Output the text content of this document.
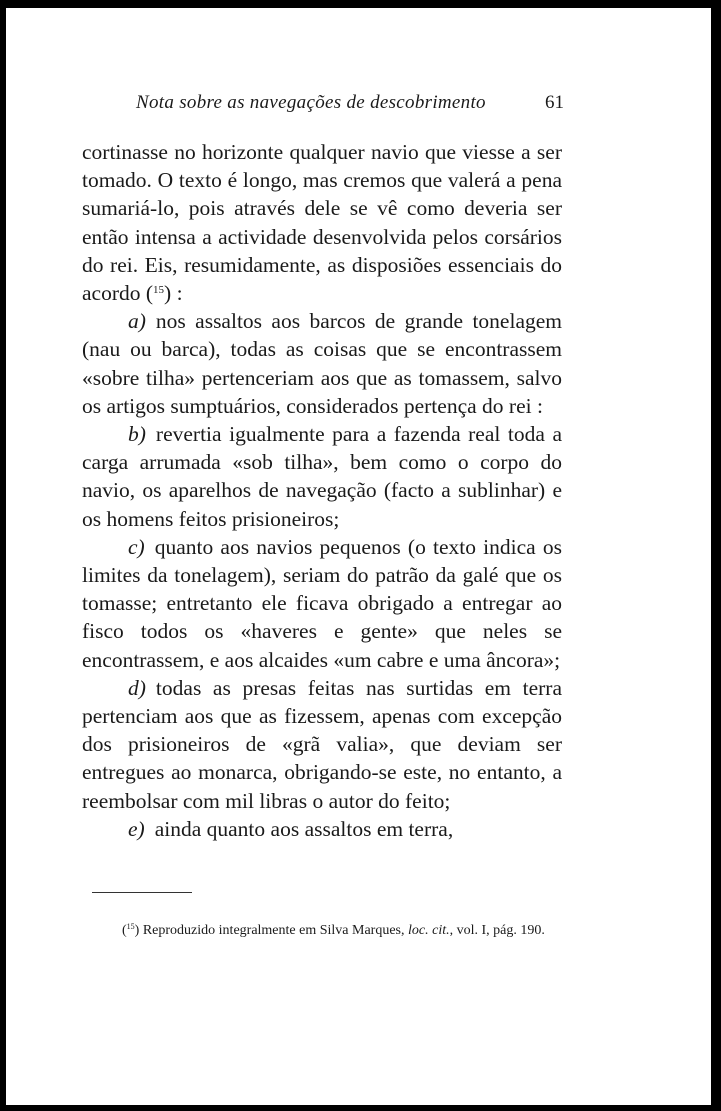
Nota sobre as navegações de descobrimento	61

cortinasse no horizonte qualquer navio que viesse a ser tomado. O texto é longo, mas cremos que valerá a pena sumariá-lo, pois através dele se vê como deveria ser então intensa a actividade desenvolvida pelos corsários do rei. Eis, resumidamente, as disposiões essenciais do acordo ($^{15}$) :

a) nos assaltos aos barcos de grande tonelagem (nau ou barca), todas as coisas que se encontrassem «sobre tilha» pertenceriam aos que as tomassem, salvo os artigos sumptuários, considerados pertença do rei :

b) revertia igualmente para a fazenda real toda a carga arrumada «sob tilha», bem como o corpo do navio, os aparelhos de navegação (facto a sublinhar) e os homens feitos prisioneiros;

c) quanto aos navios pequenos (o texto indica os limites da tonelagem), seriam do patrão da galé que os tomasse; entretanto ele ficava obrigado a entregar ao fisco todos os «haveres e gente» que neles se encontrassem, e aos alcaides «um cabre e uma âncora»;

d) todas as presas feitas nas surtidas em terra pertenciam aos que as fizessem, apenas com excepção dos prisioneiros de «grã valia», que deviam ser entregues ao monarca, obrigando-se este, no entanto, a reembolsar com mil libras o autor do feito;

e) ainda quanto aos assaltos em terra,

($^{15}$) Reproduzido integralmente em Silva Marques, loc. cit., vol. I, pág. 190.
